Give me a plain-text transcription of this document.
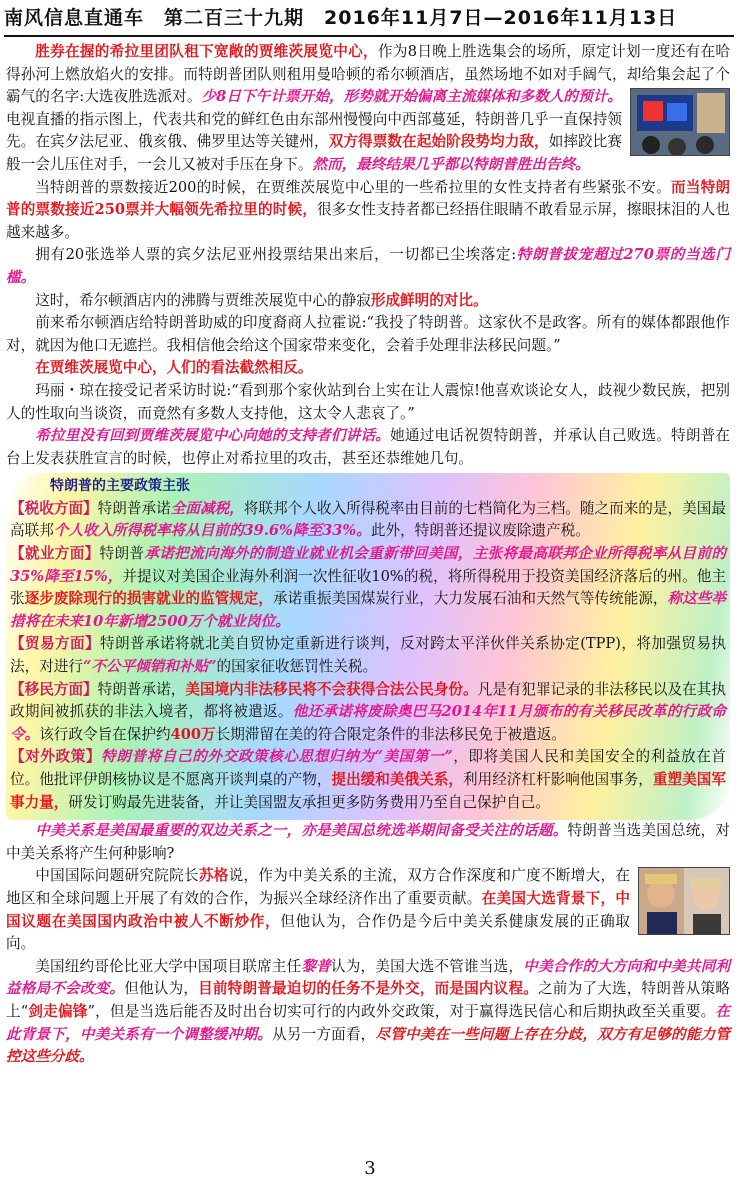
南风信息直通车　第二百三十九期　2016年11月7日—2016年11月13日

胜券在握的希拉里团队租下宽敞的贾维茨展览中心，作为8日晚上胜选集会的场所，原定计划一度还有在哈得孙河上燃放焰火的安排。而特朗普团队则租用曼哈顿的希尔顿酒店，虽然场地不如对手阔气，却给集会起了个霸气的名字:大选夜胜选派对。
少8日下午计票开始，形势就开始偏离主流媒体和多数人的预计。电视直播的指示图上，代表共和党的鲜红色由东部州慢慢向中西部蔓延，特朗普几乎一直保持领先。在宾夕法尼亚、俄亥俄、佛罗里达等关键州，双方得票数在起始阶段势均力敌，如摔跤比赛般一会儿压住对手，一会儿又被对手压在身下。然而，最终结果几乎都以特朗普胜出告终。

当特朗普的票数接近200的时候，在贾维茨展览中心里的一些希拉里的女性支持者有些紧张不安。而当特朗普的票数接近250票并大幅领先希拉里的时候，很多女性支持者都已经捂住眼睛不敢看显示屏，擦眼抹泪的人也越来越多。

拥有20张选举人票的宾夕法尼亚州投票结果出来后，一切都已尘埃落定:特朗普拔宠超过270票的当选门槛。

这时，希尔顿酒店内的沸腾与贾维茨展览中心的静寂形成鲜明的对比。

前来希尔顿酒店给特朗普助威的印度裔商人拉霍说:“我投了特朗普。这家伙不是政客。所有的媒体都跟他作对，就因为他口无遮拦。我相信他会给这个国家带来变化，会着手处理非法移民问题。”

在贾维茨展览中心，人们的看法截然相反。

玛丽・琼在接受记者采访时说:“看到那个家伙站到台上实在让人震惊!他喜欢谈论女人，歧视少数民族，把别人的性取向当谈资，而竟然有多数人支持他，这太令人悲哀了。”

希拉里没有回到贾维茨展览中心向她的支持者们讲话。她通过电话祝贺特朗普，并承认自己败选。特朗普在台上发表获胜宣言的时候，也停止对希拉里的攻击，甚至还恭维她几句。

特朗普的主要政策主张

【税收方面】特朗普承诺全面减税，将联邦个人收入所得税率由目前的七档简化为三档。随之而来的是，美国最高联邦个人收入所得税率将从目前的39.6%降至33%。此外，特朗普还提议废除遗产税。

【就业方面】特朗普承诺把流向海外的制造业就业机会重新带回美国，主张将最高联邦企业所得税率从目前的35%降至15%，并提议对美国企业海外利润一次性征收10%的税，将所得税用于投资美国经济落后的州。他主张逐步废除现行的损害就业的监管规定，承诺重振美国煤炭行业，大力发展石油和天然气等传统能源，称这些举措将在未来10年新增2500万个就业岗位。

【贸易方面】特朗普承诺将就北美自贸协定重新进行谈判，反对跨太平洋伙伴关系协定(TPP)，将加强贸易执法，对进行“不公平倾销和补贴”的国家征收惩罚性关税。

【移民方面】特朗普承诺，美国境内非法移民将不会获得合法公民身份。凡是有犯罪记录的非法移民以及在其执政期间被抓获的非法入境者，都将被遣返。他还承诺将废除奥巴马2014年11月颁布的有关移民改革的行政命令。该行政令旨在保护约400万长期滞留在美的符合限定条件的非法移民免于被遣返。

【对外政策】特朗普将自己的外交政策核心思想归纳为“美国第一”，即将美国人民和美国安全的利益放在首位。他批评伊朗核协议是不愿离开谈判桌的产物，提出缓和美俄关系，利用经济杠杆影响他国事务，重塑美国军事力量，研发订购最先进装备，并让美国盟友承担更多防务费用乃至自己保护自己。

中美关系是美国最重要的双边关系之一，亦是美国总统选举期间备受关注的话题。特朗普当选美国总统，对中美关系将产生何种影响?

中国国际问题研究院院长苏格说，作为中美关系的主流，双方合作深度和广度不断增大，在地区和全球问题上开展了有效的合作，为振兴全球经济作出了重要贡献。在美国大选背景下，中国议题在美国国内政治中被人不断炒作，但他认为，合作仍是今后中美关系健康发展的正确取向。

美国纽约哥伦比亚大学中国项目联席主任黎普认为，美国大选不管谁当选，中美合作的大方向和中美共同利益格局不会改变。但他认为，目前特朗普最迫切的任务不是外交，而是国内议程。之前为了大选，特朗普从策略上“剑走偏锋”，但是当选后能否及时出台切实可行的内政外交政策，对于赢得选民信心和后期执政至关重要。在此背景下，中美关系有一个调整缓冲期。从另一方面看，尽管中美在一些问题上存在分歧，双方有足够的能力管控这些分歧。

3
